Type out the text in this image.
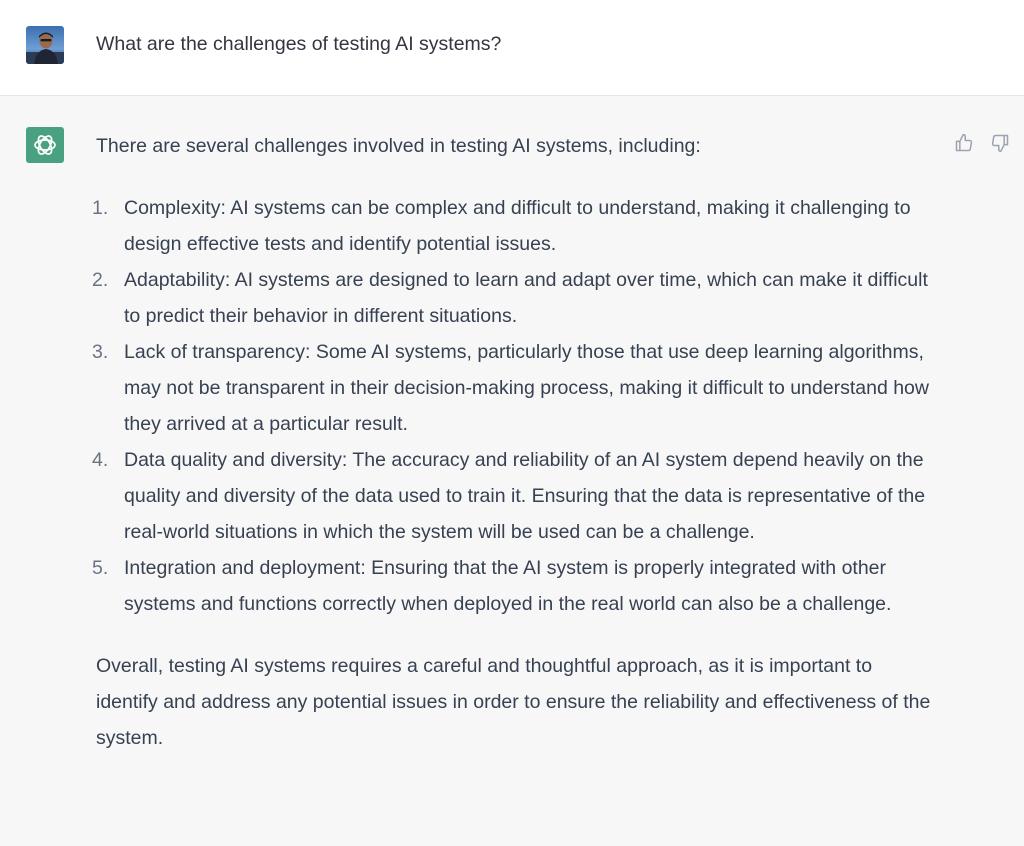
What are the challenges of testing AI systems?

There are several challenges involved in testing AI systems, including:

1. Complexity: AI systems can be complex and difficult to understand, making it challenging to design effective tests and identify potential issues.
2. Adaptability: AI systems are designed to learn and adapt over time, which can make it difficult to predict their behavior in different situations.
3. Lack of transparency: Some AI systems, particularly those that use deep learning algorithms, may not be transparent in their decision-making process, making it difficult to understand how they arrived at a particular result.
4. Data quality and diversity: The accuracy and reliability of an AI system depend heavily on the quality and diversity of the data used to train it. Ensuring that the data is representative of the real-world situations in which the system will be used can be a challenge.
5. Integration and deployment: Ensuring that the AI system is properly integrated with other systems and functions correctly when deployed in the real world can also be a challenge.

Overall, testing AI systems requires a careful and thoughtful approach, as it is important to identify and address any potential issues in order to ensure the reliability and effectiveness of the system.
